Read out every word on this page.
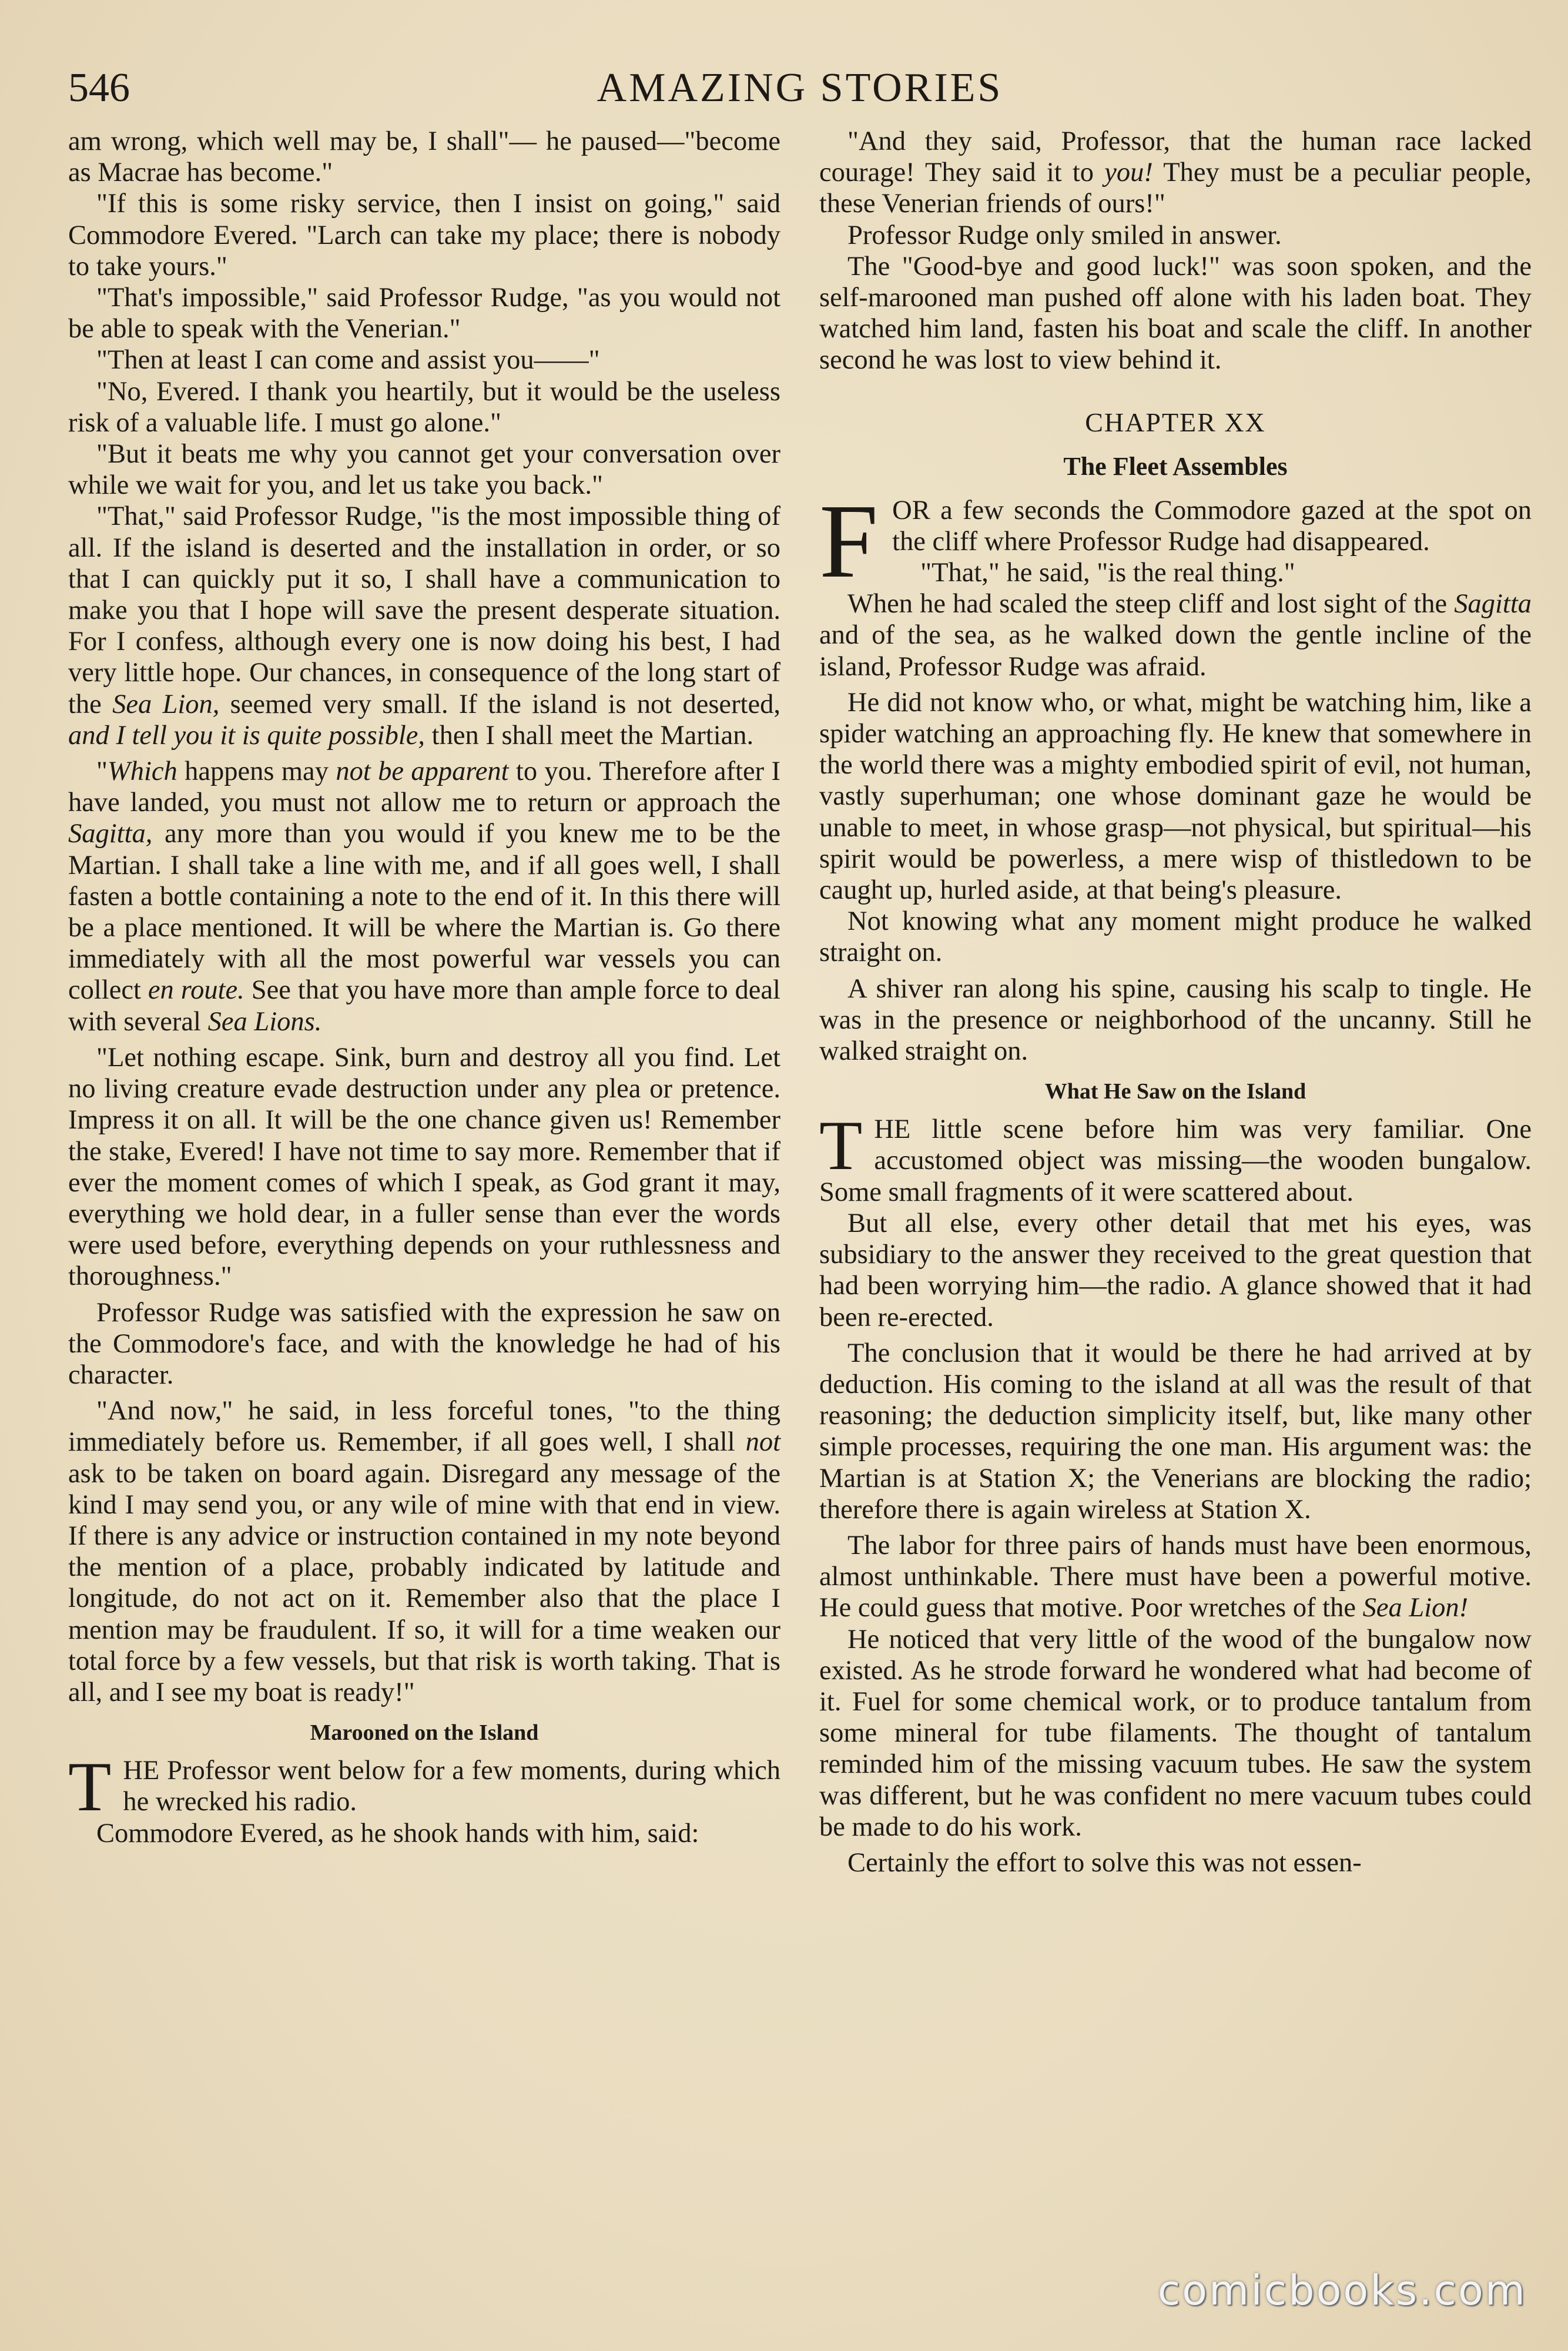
546	AMAZING STORIES

am wrong, which well may be, I shall"— he paused—"become as Macrae has become."

"If this is some risky service, then I insist on going," said Commodore Evered. "Larch can take my place; there is nobody to take yours."

"That's impossible," said Professor Rudge, "as you would not be able to speak with the Venerian."

"Then at least I can come and assist you——"

"No, Evered. I thank you heartily, but it would be the useless risk of a valuable life. I must go alone."

"But it beats me why you cannot get your conversation over while we wait for you, and let us take you back."

"That," said Professor Rudge, "is the most impossible thing of all. If the island is deserted and the installation in order, or so that I can quickly put it so, I shall have a communication to make you that I hope will save the present desperate situation. For I confess, although every one is now doing his best, I had very little hope. Our chances, in consequence of the long start of the Sea Lion, seemed very small. If the island is not deserted, and I tell you it is quite possible, then I shall meet the Martian.

"Which happens may not be apparent to you. Therefore after I have landed, you must not allow me to return or approach the Sagitta, any more than you would if you knew me to be the Martian. I shall take a line with me, and if all goes well, I shall fasten a bottle containing a note to the end of it. In this there will be a place mentioned. It will be where the Martian is. Go there immediately with all the most powerful war vessels you can collect en route. See that you have more than ample force to deal with several Sea Lions.

"Let nothing escape. Sink, burn and destroy all you find. Let no living creature evade destruction under any plea or pretence. Impress it on all. It will be the one chance given us! Remember the stake, Evered! I have not time to say more. Remember that if ever the moment comes of which I speak, as God grant it may, everything we hold dear, in a fuller sense than ever the words were used before, everything depends on your ruthlessness and thoroughness."

Professor Rudge was satisfied with the expression he saw on the Commodore's face, and with the knowledge he had of his character.

"And now," he said, in less forceful tones, "to the thing immediately before us. Remember, if all goes well, I shall not ask to be taken on board again. Disregard any message of the kind I may send you, or any wile of mine with that end in view. If there is any advice or instruction contained in my note beyond the mention of a place, probably indicated by latitude and longitude, do not act on it. Remember also that the place I mention may be fraudulent. If so, it will for a time weaken our total force by a few vessels, but that risk is worth taking. That is all, and I see my boat is ready!"

Marooned on the Island

THE Professor went below for a few moments, during which he wrecked his radio.

Commodore Evered, as he shook hands with him, said:

"And they said, Professor, that the human race lacked courage! They said it to you! They must be a peculiar people, these Venerian friends of ours!"

Professor Rudge only smiled in answer.

The "Good-bye and good luck!" was soon spoken, and the self-marooned man pushed off alone with his laden boat. They watched him land, fasten his boat and scale the cliff. In another second he was lost to view behind it.

CHAPTER XX
The Fleet Assembles

FOR a few seconds the Commodore gazed at the spot on the cliff where Professor Rudge had disappeared.

"That," he said, "is the real thing."

When he had scaled the steep cliff and lost sight of the Sagitta and of the sea, as he walked down the gentle incline of the island, Professor Rudge was afraid.

He did not know who, or what, might be watching him, like a spider watching an approaching fly. He knew that somewhere in the world there was a mighty embodied spirit of evil, not human, vastly superhuman; one whose dominant gaze he would be unable to meet, in whose grasp—not physical, but spiritual—his spirit would be powerless, a mere wisp of thistledown to be caught up, hurled aside, at that being's pleasure.

Not knowing what any moment might produce he walked straight on.

A shiver ran along his spine, causing his scalp to tingle. He was in the presence or neighborhood of the uncanny. Still he walked straight on.

What He Saw on the Island

THE little scene before him was very familiar. One accustomed object was missing—the wooden bungalow. Some small fragments of it were scattered about.

But all else, every other detail that met his eyes, was subsidiary to the answer they received to the great question that had been worrying him—the radio. A glance showed that it had been re-erected.

The conclusion that it would be there he had arrived at by deduction. His coming to the island at all was the result of that reasoning; the deduction simplicity itself, but, like many other simple processes, requiring the one man. His argument was: the Martian is at Station X; the Venerians are blocking the radio; therefore there is again wireless at Station X.

The labor for three pairs of hands must have been enormous, almost unthinkable. There must have been a powerful motive. He could guess that motive. Poor wretches of the Sea Lion!

He noticed that very little of the wood of the bungalow now existed. As he strode forward he wondered what had become of it. Fuel for some chemical work, or to produce tantalum from some mineral for tube filaments. The thought of tantalum reminded him of the missing vacuum tubes. He saw the system was different, but he was confident no mere vacuum tubes could be made to do his work.

Certainly the effort to solve this was not essen-

comicbooks.com
